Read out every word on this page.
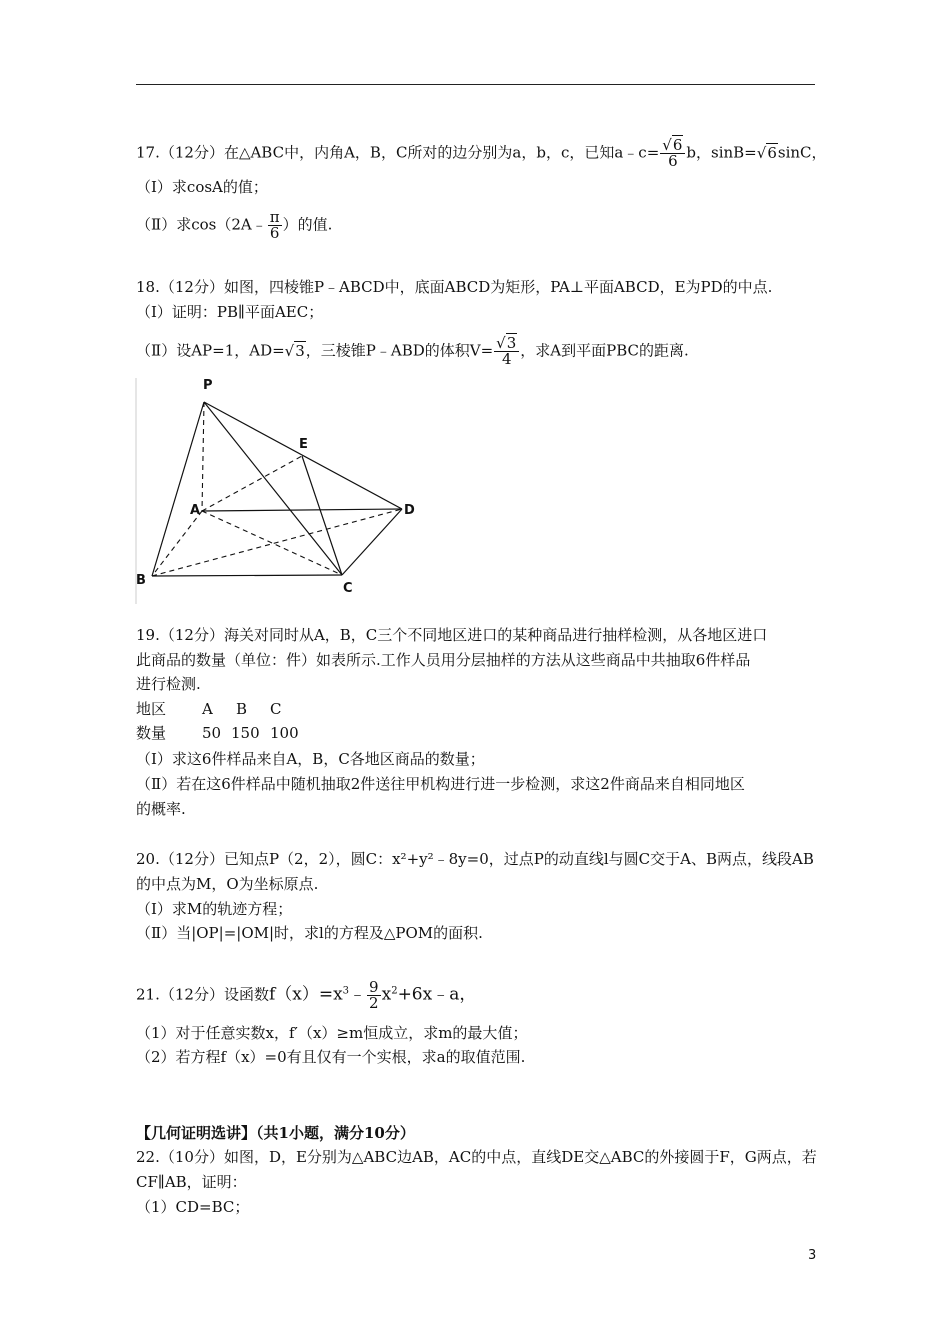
17.（12分）在△ABC中，内角A，B，C所对的边分别为a，b，c，已知a﹣c= $\frac{√6}{6}$ b，sinB=√6sinC，
（Ⅰ）求cosA的值；
（Ⅱ）求cos（2A﹣ $\frac{\pi}{6}$ ）的值.
18.（12分）如图，四棱锥P﹣ABCD中，底面ABCD为矩形，PA⊥平面ABCD，E为PD的中点.
（Ⅰ）证明：PB∥平面AEC；
（Ⅱ）设AP=1，AD=√3，三棱锥P﹣ABD的体积$V= \frac{√3}{4}$ ，求A到平面PBC的距离.
P
E
A	D
B
C
19.（12分）海关对同时从A，B，C三个不同地区进口的某种商品进行抽样检测，从各地区进口
此商品的数量（单位：件）如表所示.工作人员用分层抽样的方法从这些商品中共抽取6件样品
进行检测.
地区 A B C
数量 50 150 100
（Ⅰ）求这6件样品来自A，B，C各地区商品的数量；
（Ⅱ）若在这6件样品中随机抽取2件送往甲机构进行进一步检测，求这2件商品来自相同地区
的概率.
20.（12分）已知点P（2，2），圆C：x²+y²﹣8y=0，过点P的动直线l与圆C交于A、B两点，线段AB
的中点为M，O为坐标原点.
（Ⅰ）求M的轨迹方程；
（Ⅱ）当|OP|=|OM|时，求l的方程及△POM的面积.
21.（12分）设函数$f(x)=x^3﹣ \frac{9}{2}$ $x^2+6x﹣a$，
（1）对于任意实数x，f′（x）≥m恒成立，求m的最大值；
（2）若方程f（x）=0有且仅有一个实根，求a的取值范围.
【几何证明选讲】（共1小题，满分10分）
22.（10分）如图，D，E分别为△ABC边AB，AC的中点，直线DE交△ABC的外接圆于F，G两点，若
CF∥AB，证明：
（1）CD=BC；
3
